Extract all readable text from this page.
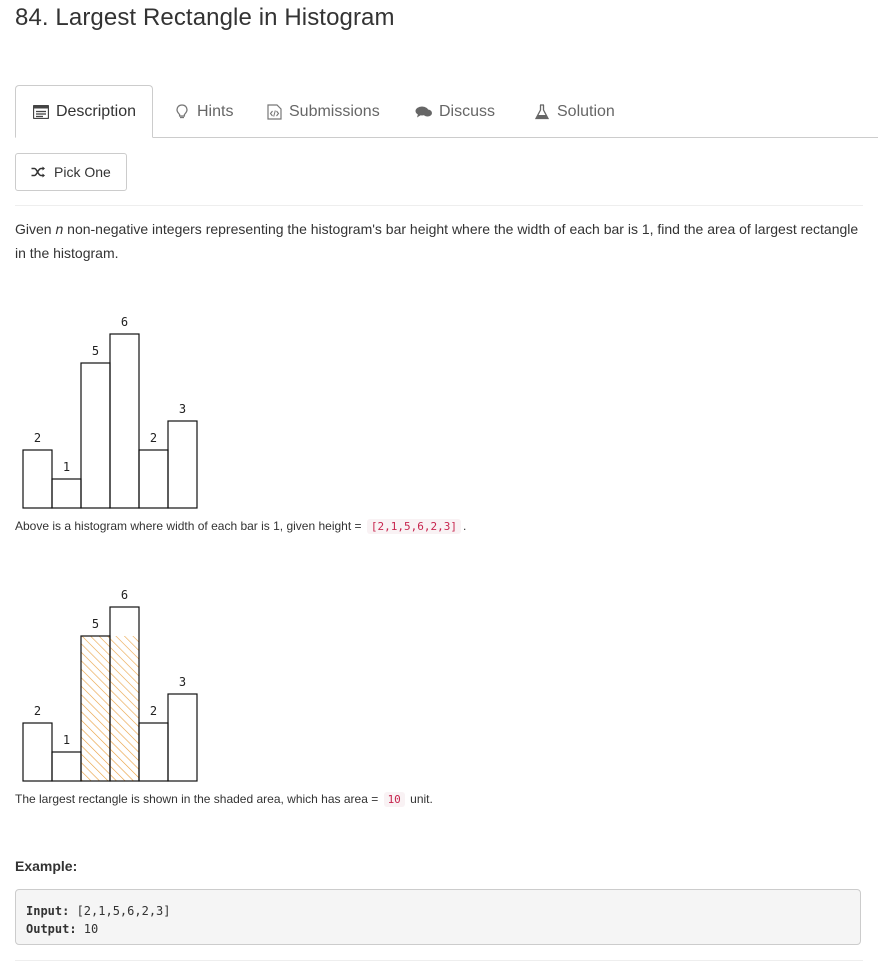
84. Largest Rectangle in Histogram
Description	Hints	Submissions	Discuss	Solution
Pick One
Given n non-negative integers representing the histogram's bar height where the width of each bar is 1, find the area of largest rectangle in the histogram.
2
1
5
6
2
3
Above is a histogram where width of each bar is 1, given height = [2,1,5,6,2,3] .
2
1
5
6
2
3
The largest rectangle is shown in the shaded area, which has area = 10 unit.
Example:
Input: [2,1,5,6,2,3]
Output: 10
